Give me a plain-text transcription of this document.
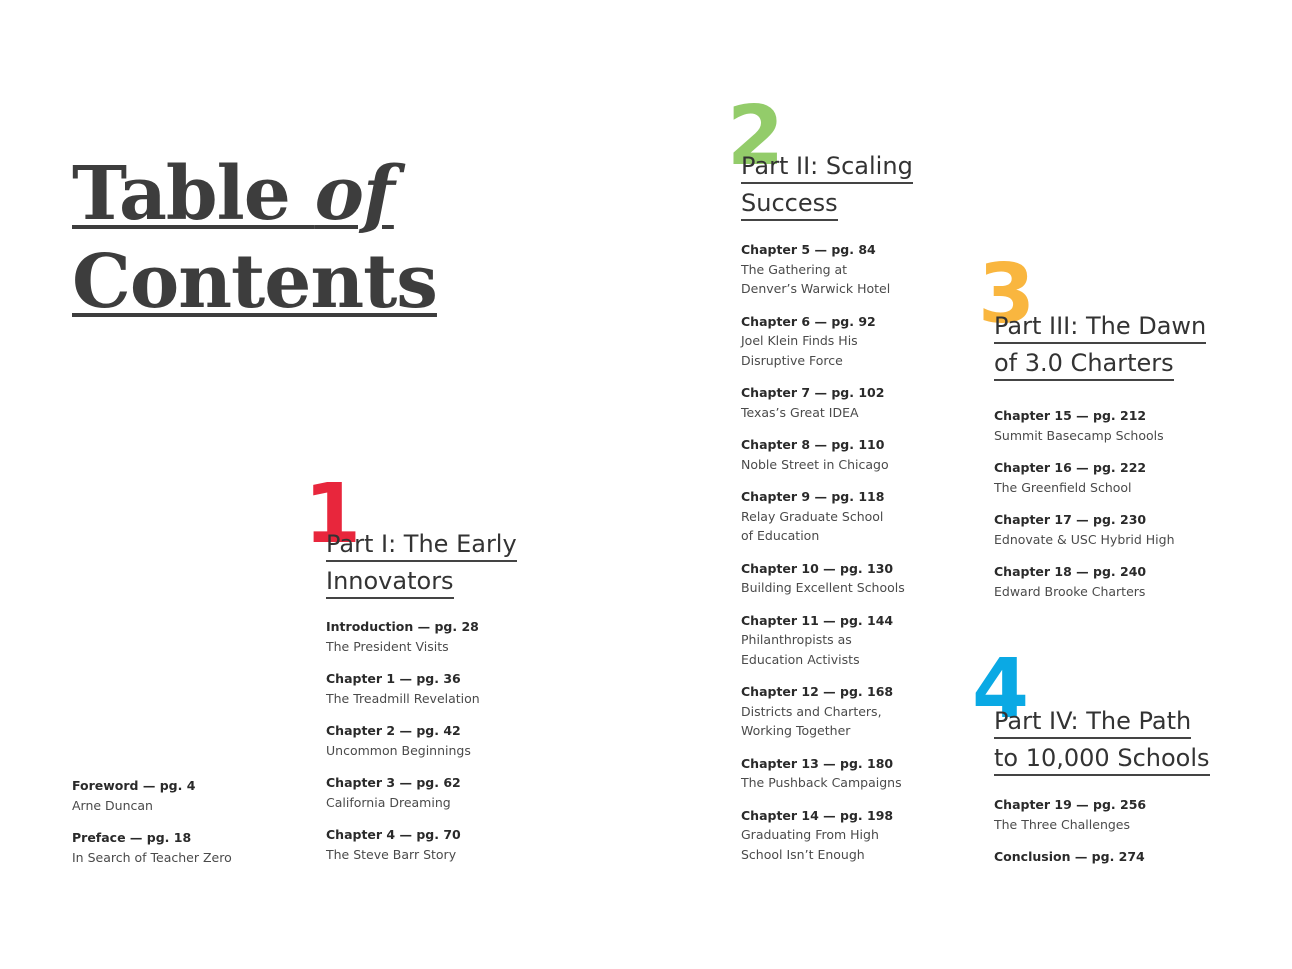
Table of
Contents
Foreword — pg. 4
Arne Duncan
Preface — pg. 18
In Search of Teacher Zero
1
Part I: The Early
Innovators
Introduction — pg. 28
The President Visits
Chapter 1 — pg. 36
The Treadmill Revelation
Chapter 2 — pg. 42
Uncommon Beginnings
Chapter 3 — pg. 62
California Dreaming
Chapter 4 — pg. 70
The Steve Barr Story
2
Part II: Scaling
Success
Chapter 5 — pg. 84
The Gathering at
Denver’s Warwick Hotel
Chapter 6 — pg. 92
Joel Klein Finds His
Disruptive Force
Chapter 7 — pg. 102
Texas’s Great IDEA
Chapter 8 — pg. 110
Noble Street in Chicago
Chapter 9 — pg. 118
Relay Graduate School
of Education
Chapter 10 — pg. 130
Building Excellent Schools
Chapter 11 — pg. 144
Philanthropists as
Education Activists
Chapter 12 — pg. 168
Districts and Charters,
Working Together
Chapter 13 — pg. 180
The Pushback Campaigns
Chapter 14 — pg. 198
Graduating From High
School Isn’t Enough
3
Part III: The Dawn
of 3.0 Charters
Chapter 15 — pg. 212
Summit Basecamp Schools
Chapter 16 — pg. 222
The Greenfield School
Chapter 17 — pg. 230
Ednovate & USC Hybrid High
Chapter 18 — pg. 240
Edward Brooke Charters
4
Part IV: The Path
to 10,000 Schools
Chapter 19 — pg. 256
The Three Challenges
Conclusion — pg. 274
